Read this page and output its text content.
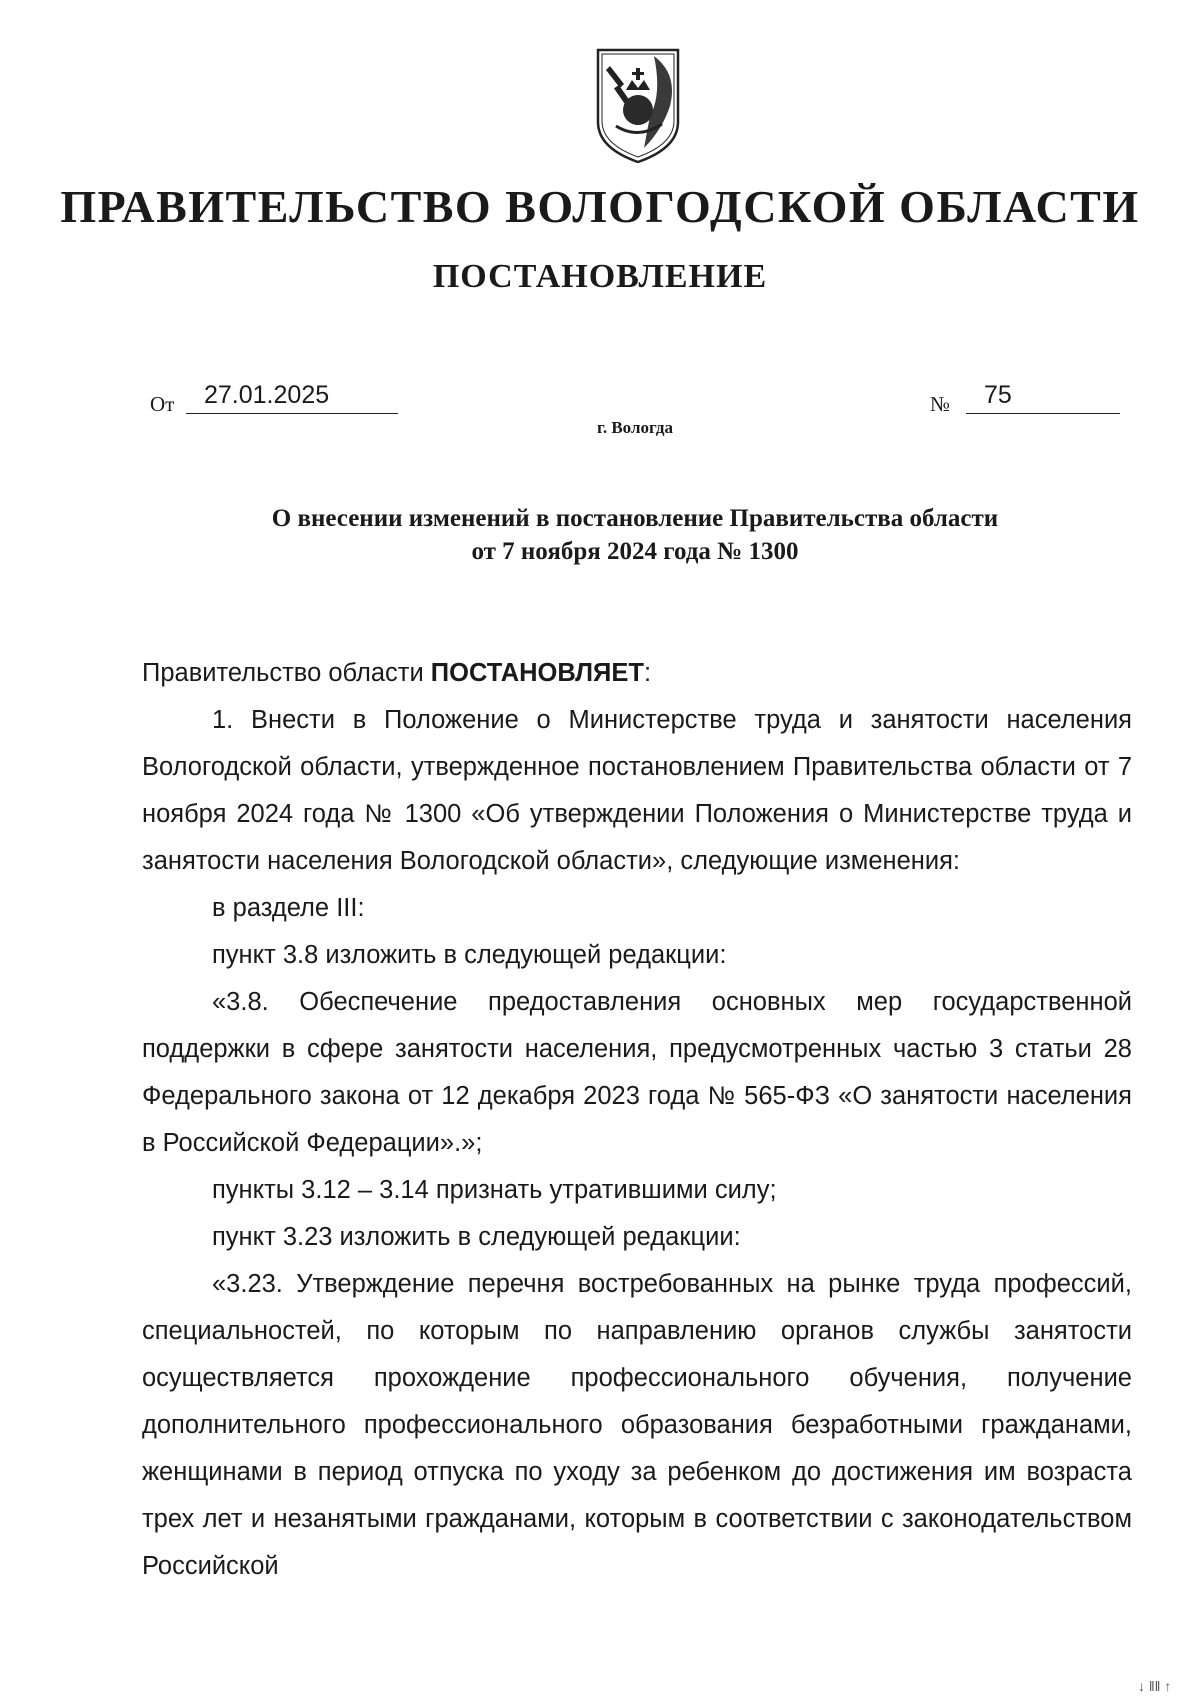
ПРАВИТЕЛЬСТВО ВОЛОГОДСКОЙ ОБЛАСТИ
ПОСТАНОВЛЕНИЕ
От	27.01.2025	№	75
г. Вологда
О внесении изменений в постановление Правительства области
от 7 ноября 2024 года № 1300

Правительство области ПОСТАНОВЛЯЕТ:

1. Внести в Положение о Министерстве труда и занятости населения Вологодской области, утвержденное постановлением Правительства области от 7 ноября 2024 года № 1300 «Об утверждении Положения о Министерстве труда и занятости населения Вологодской области», следующие изменения:

в разделе III:

пункт 3.8 изложить в следующей редакции:

«3.8. Обеспечение предоставления основных мер государственной поддержки в сфере занятости населения, предусмотренных частью 3 статьи 28 Федерального закона от 12 декабря 2023 года № 565-ФЗ «О занятости населения в Российской Федерации».»;

пункты 3.12 – 3.14 признать утратившими силу;

пункт 3.23 изложить в следующей редакции:

«3.23. Утверждение перечня востребованных на рынке труда профессий, специальностей, по которым по направлению органов службы занятости осуществляется прохождение профессионального обучения, получение дополнительного профессионального образования безработными гражданами, женщинами в период отпуска по уходу за ребенком до достижения им возраста трех лет и незанятыми гражданами, которым в соответствии с законодательством Российской

↓ ‖‖ ↑
